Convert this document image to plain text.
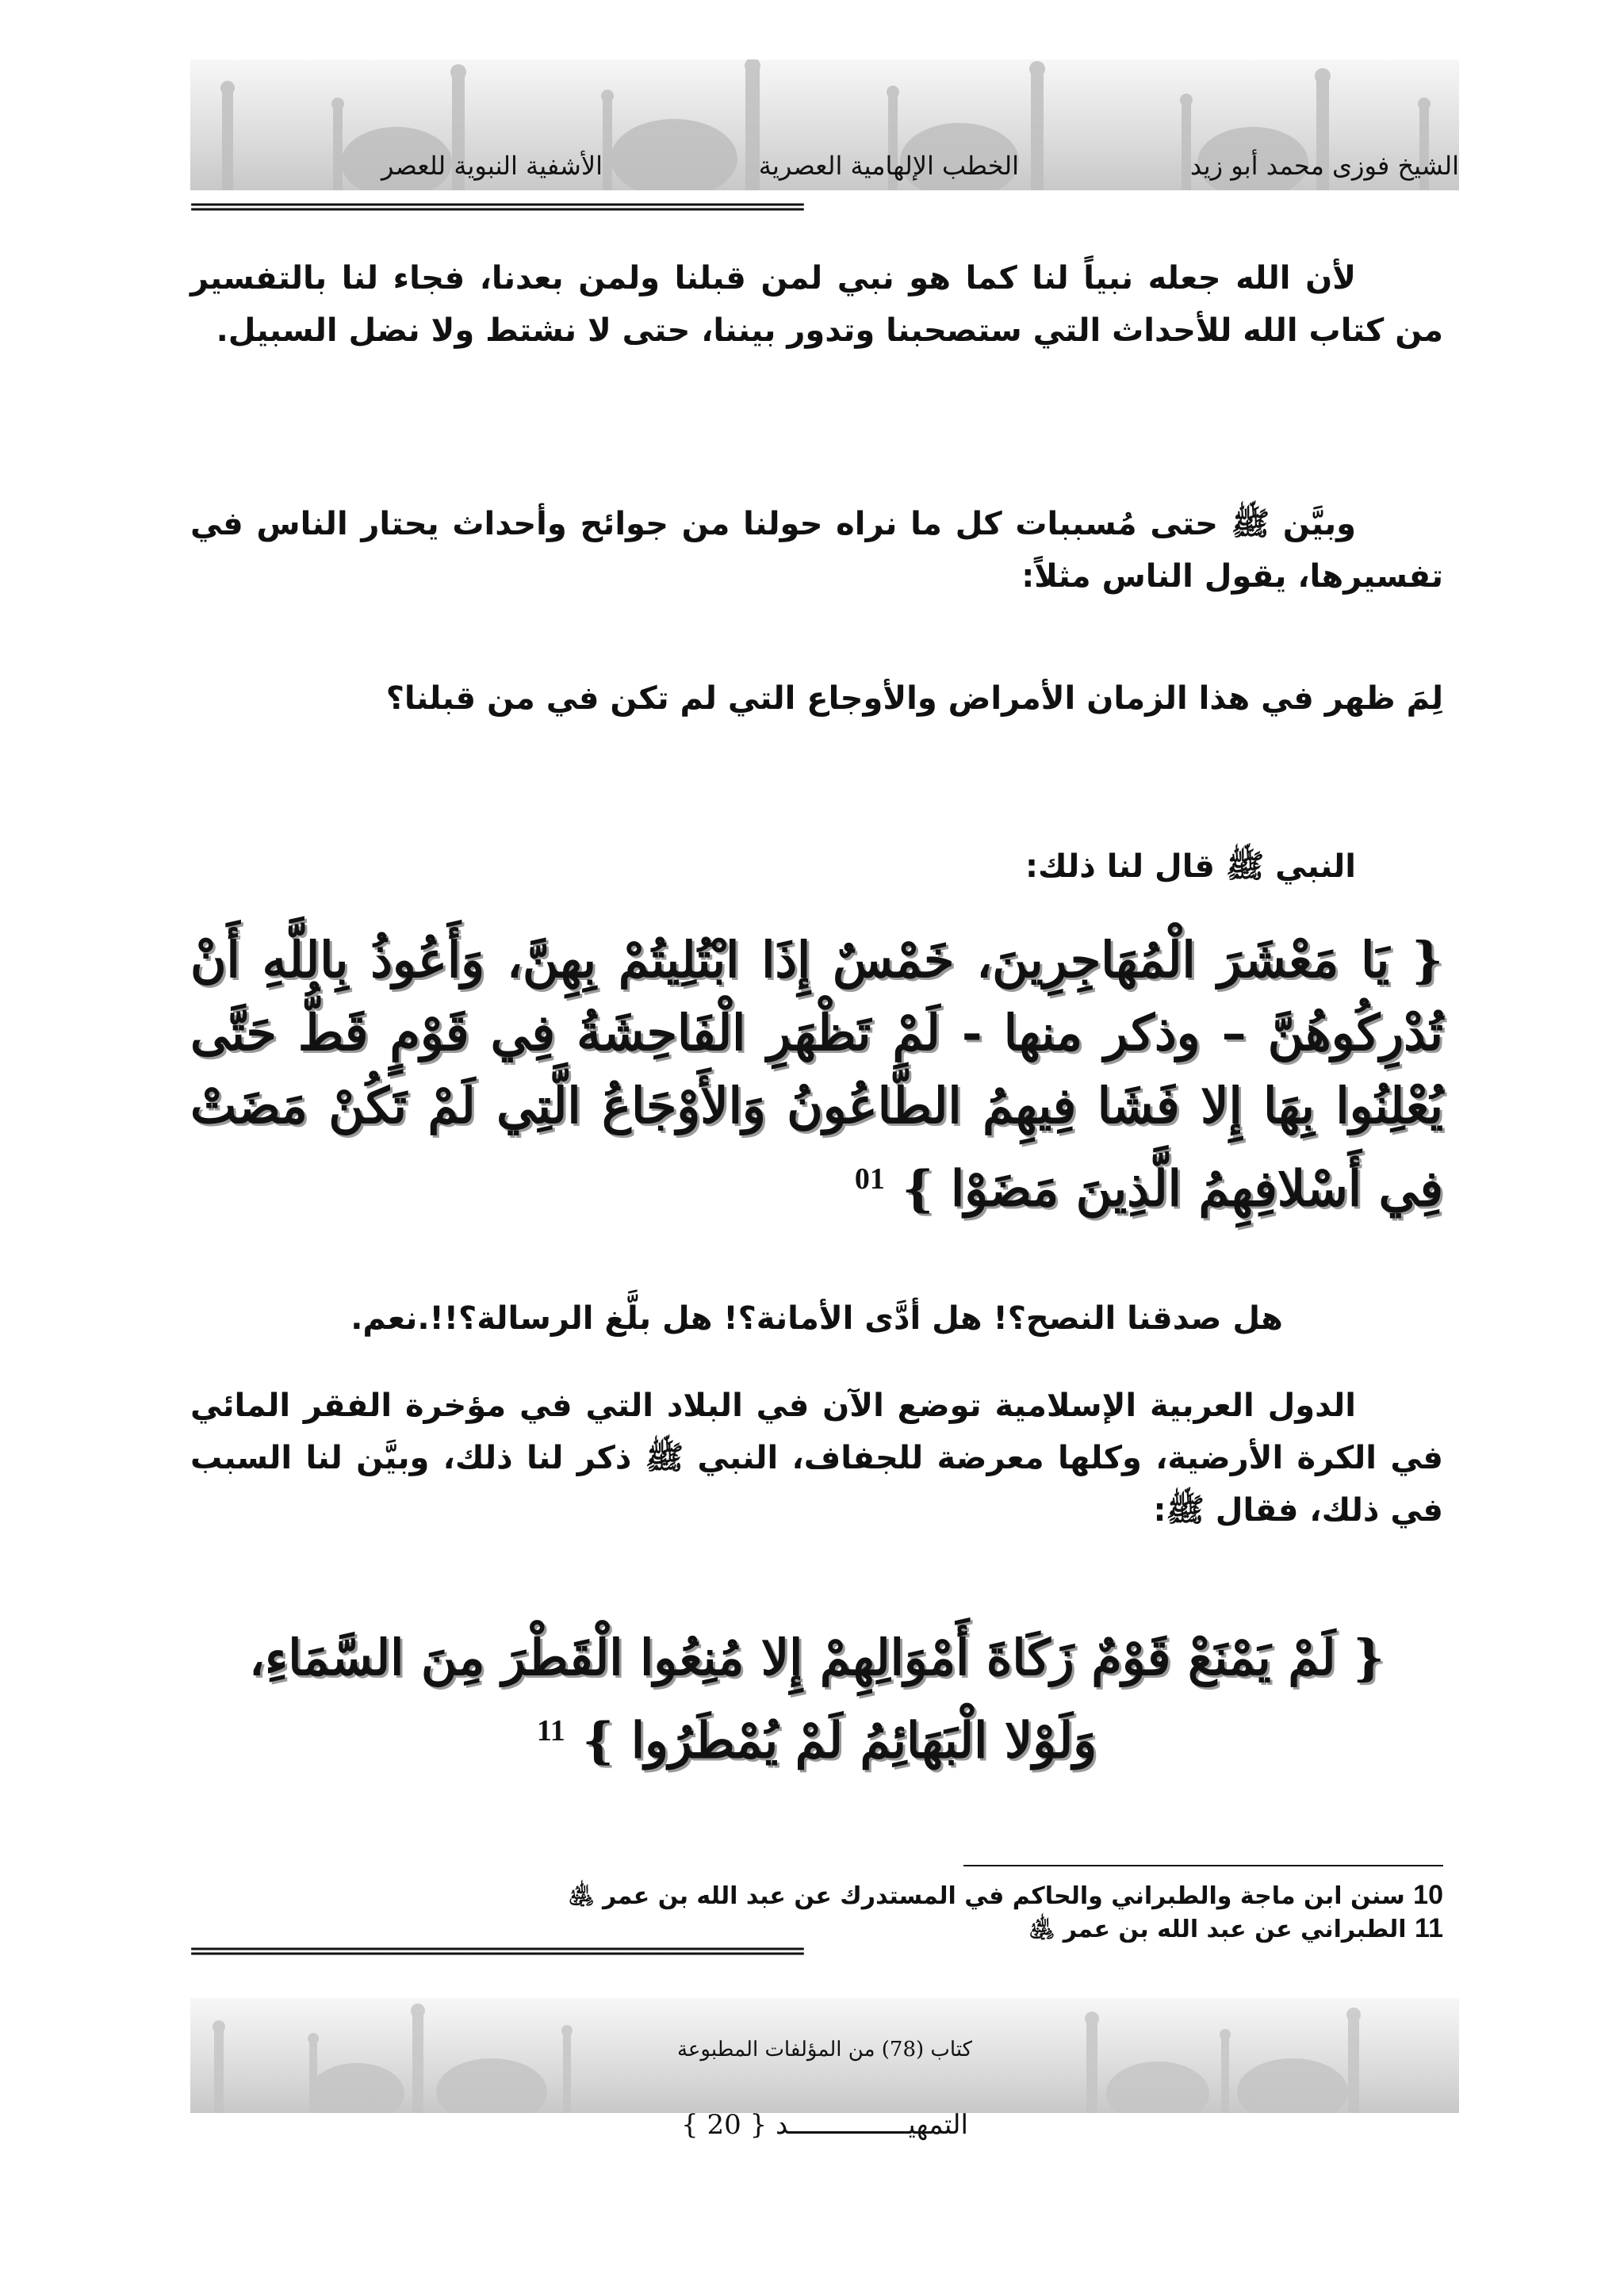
الشيخ فوزى محمد أبو زيد
الخطب الإلهامية العصرية
الأشفية النبوية للعصر
=============================================================

لأن الله جعله نبياً لنا كما هو نبي لمن قبلنا ولمن بعدنا، فجاء لنا بالتفسير من كتاب الله للأحداث التي ستصحبنا وتدور بيننا، حتى لا نشتط ولا نضل السبيل.

وبيَّن ﷺ حتى مُسببات كل ما نراه حولنا من جوائح وأحداث يحتار الناس في تفسيرها، يقول الناس مثلاً:

لِمَ ظهر في هذا الزمان الأمراض والأوجاع التي لم تكن في من قبلنا؟

النبي ﷺ قال لنا ذلك:

{ يَا مَعْشَرَ الْمُهَاجِرِينَ، خَمْسٌ إِذَا ابْتُلِيتُمْ بِهِنَّ، وَأَعُوذُ بِاللَّهِ أَنْ تُدْرِكُوهُنَّ – وذكر منها - لَمْ تَظْهَرِ الْفَاحِشَةُ فِي قَوْمٍ قَطُّ حَتَّى يُعْلِنُوا بِهَا إِلا فَشَا فِيهِمُ الطَّاعُونُ وَالأَوْجَاعُ الَّتِي لَمْ تَكُنْ مَضَتْ فِي أَسْلافِهِمُ الَّذِينَ مَضَوْا } $^{01}$

هل صدقنا النصح؟! هل أدَّى الأمانة؟! هل بلَّغ الرسالة؟!!.نعم.

الدول العربية الإسلامية توضع الآن في البلاد التي في مؤخرة الفقر المائي في الكرة الأرضية، وكلها معرضة للجفاف، النبي ﷺ ذكر لنا ذلك، وبيَّن لنا السبب في ذلك، فقال ﷺ:

{ لَمْ يَمْنَعْ قَوْمٌ زَكَاةَ أَمْوَالِهِمْ إِلا مُنِعُوا الْقَطْرَ مِنَ السَّمَاءِ،
وَلَوْلا الْبَهَائِمُ لَمْ يُمْطَرُوا } $^{11}$
10 سنن ابن ماجة والطبراني والحاكم في المستدرك عن عبد الله بن عمر ﵁
11 الطبراني عن عبد الله بن عمر ﵁
=============================================================
كتاب (78) من المؤلفات المطبوعة
التمهيـــــــــــــــد { 20 }
